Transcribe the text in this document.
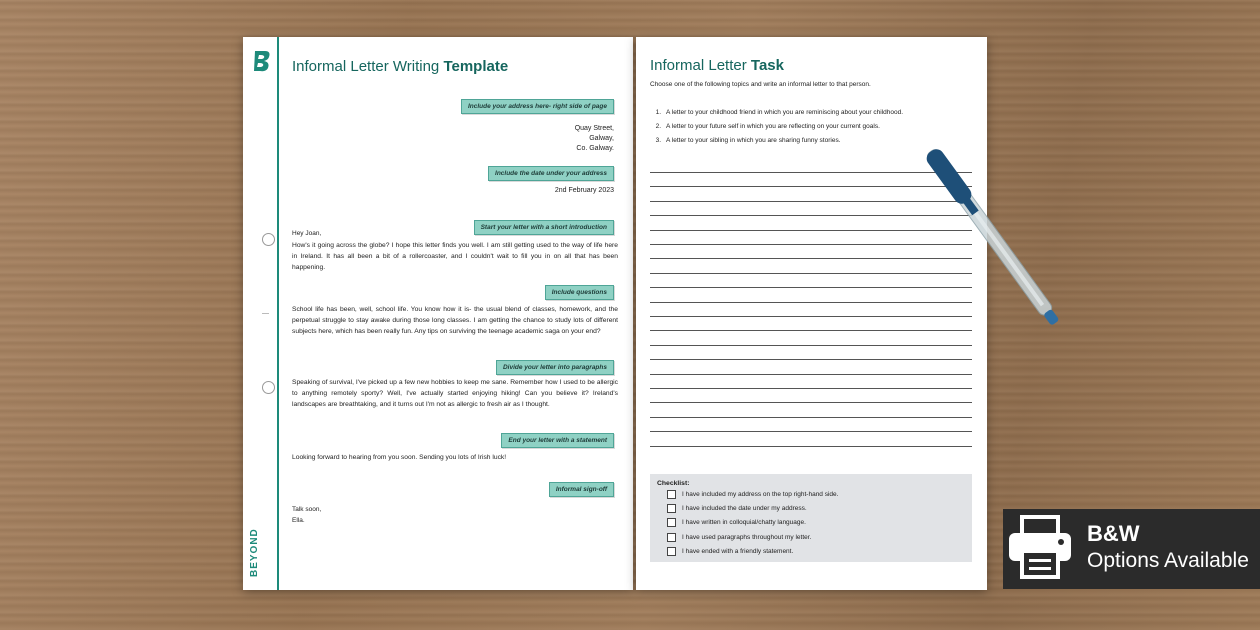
BEYOND
Informal Letter Writing Template
Include your address here- right side of page
Quay Street,
Galway,
Co. Galway.
Include the date under your address
2nd February 2023
Start your letter with a short introduction
Hey Joan,
How's it going across the globe? I hope this letter finds you well. I am still getting used to the way of life here in Ireland. It has all been a bit of a rollercoaster, and I couldn't wait to fill you in on all that has been happening.
Include questions
School life has been, well, school life. You know how it is- the usual blend of classes, homework, and the perpetual struggle to stay awake during those long classes. I am getting the chance to study lots of different subjects here, which has been really fun. Any tips on surviving the teenage academic saga on your end?
Divide your letter into paragraphs
Speaking of survival, I've picked up a few new hobbies to keep me sane. Remember how I used to be allergic to anything remotely sporty? Well, I've actually started enjoying hiking! Can you believe it? Ireland's landscapes are breathtaking, and it turns out I'm not as allergic to fresh air as I thought.
End your letter with a statement
Looking forward to hearing from you soon. Sending you lots of Irish luck!
Informal sign-off
Talk soon,
Ella.
Informal Letter Task
Choose one of the following topics and write an informal letter to that person.
1. A letter to your childhood friend in which you are reminiscing about your childhood.
2. A letter to your future self in which you are reflecting on your current goals.
3. A letter to your sibling in which you are sharing funny stories.
Checklist:
I have included my address on the top right-hand side.
I have included the date under my address.
I have written in colloquial/chatty language.
I have used paragraphs throughout my letter.
I have ended with a friendly statement.
B&W
Options Available
